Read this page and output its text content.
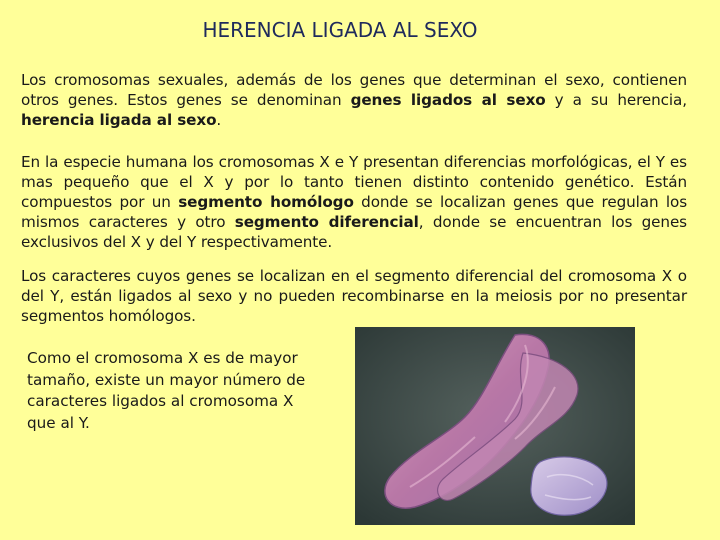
HERENCIA LIGADA AL SEXO
Los cromosomas sexuales, además de los genes que determinan el sexo, contienen otros genes. Estos genes se denominan genes ligados al sexo y a su herencia, herencia ligada al sexo.
En la especie humana los cromosomas X e Y presentan diferencias morfológicas, el Y es mas pequeño que el X y por lo tanto tienen distinto contenido genético. Están compuestos por un segmento homólogo donde se localizan genes que regulan los mismos caracteres y otro segmento diferencial, donde se encuentran los genes exclusivos del X y del Y respectivamente.
Los caracteres cuyos genes se localizan en el segmento diferencial del cromosoma X o del Y, están ligados al sexo y no pueden recombinarse en la meiosis por no presentar segmentos homólogos.
Como el cromosoma X es de mayor tamaño, existe un mayor número de caracteres ligados al cromosoma X que al Y.
